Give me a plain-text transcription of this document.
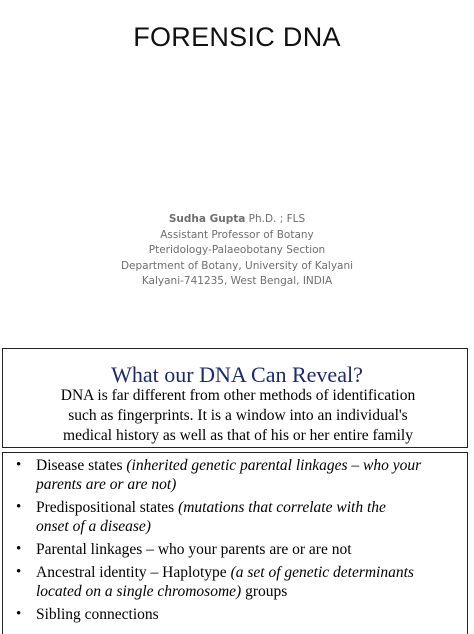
FORENSIC DNA
Sudha Gupta Ph.D. ; FLS
Assistant Professor of Botany
Pteridology-Palaeobotany Section
Department of Botany, University of Kalyani
Kalyani-741235, West Bengal, INDIA
What our DNA Can Reveal?
DNA is far different from other methods of identification
such as fingerprints. It is a window into an individual's
medical history as well as that of his or her entire family
• Disease states (inherited genetic parental linkages – who your
parents are or are not)
• Predispositional states (mutations that correlate with the
onset of a disease)
• Parental linkages – who your parents are or are not
• Ancestral identity – Haplotype (a set of genetic determinants
located on a single chromosome) groups
• Sibling connections
